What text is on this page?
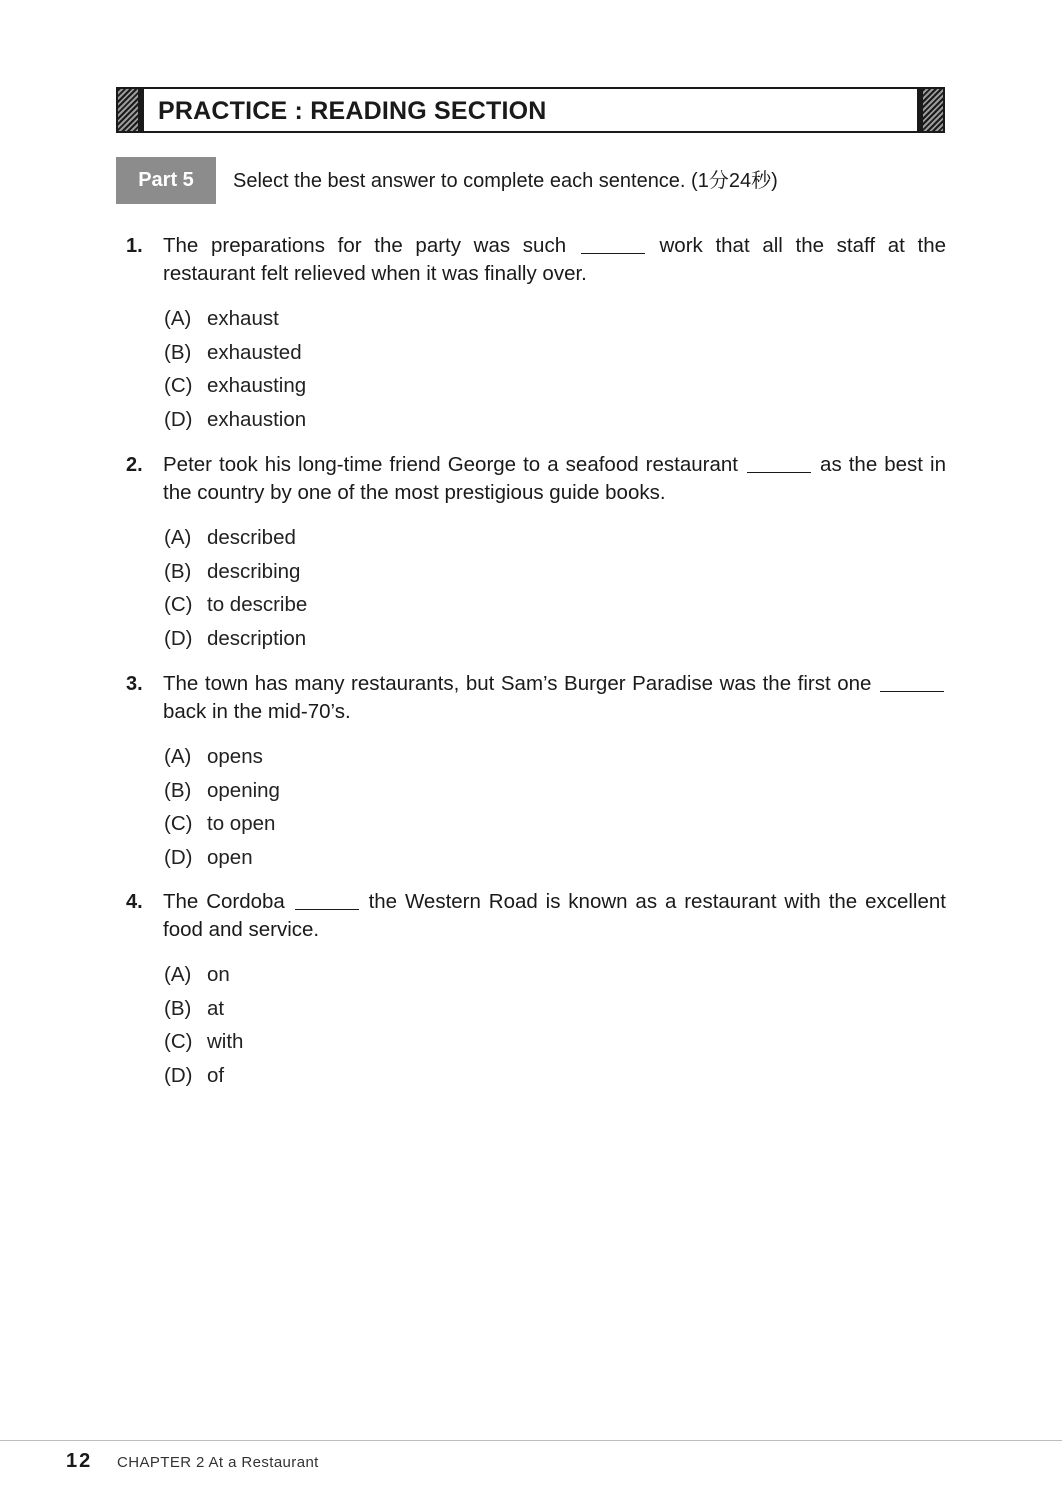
PRACTICE : READING SECTION
Part 5	Select the best answer to complete each sentence. (1分24秒)
1. The preparations for the party was such	work that all the staff at the restaurant felt relieved when it was finally over.
(A) exhaust
(B) exhausted
(C) exhausting
(D) exhaustion
2. Peter took his long-time friend George to a seafood restaurant	as the best in the country by one of the most prestigious guide books.
(A) described
(B) describing
(C) to describe
(D) description
3. The town has many restaurants, but Sam’s Burger Paradise was the first one  back in the mid-70’s.
(A) opens
(B) opening
(C) to open
(D) open
4. The Cordoba	the Western Road is known as a restaurant with the excellent food and service.
(A) on
(B) at
(C) with
(D) of
12 CHAPTER 2 At a Restaurant
